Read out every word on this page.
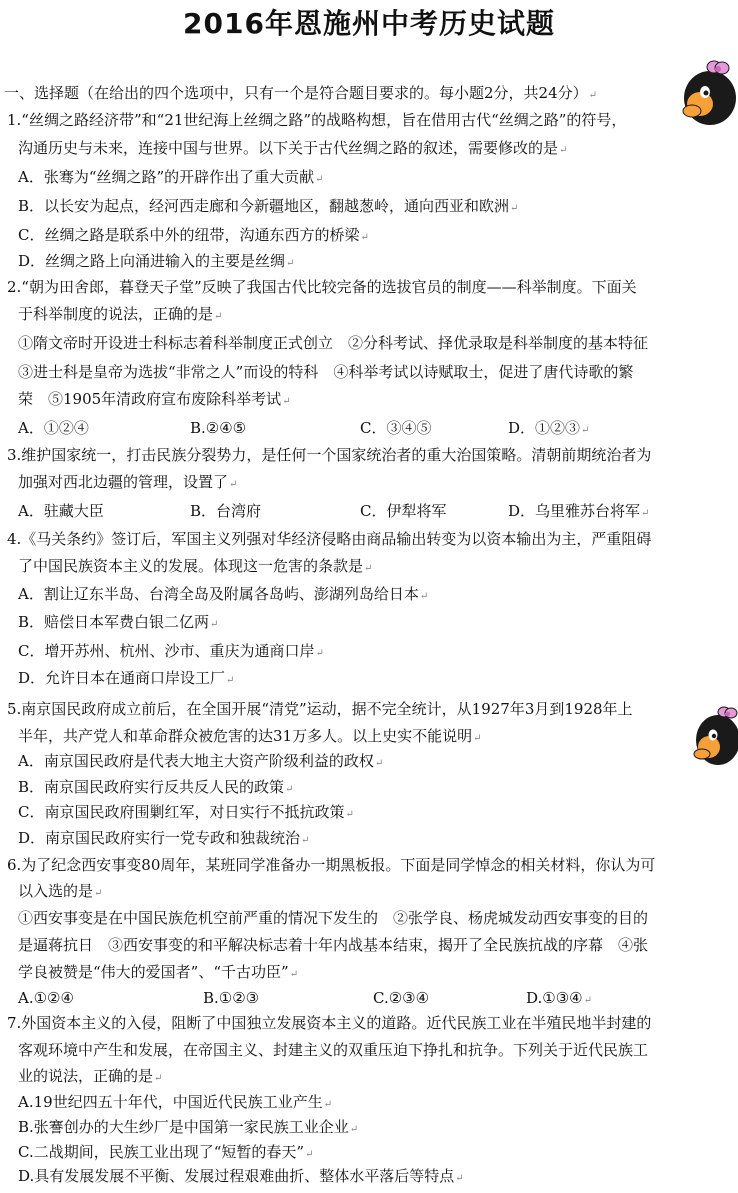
2016年恩施州中考历史试题
一、选择题（在给出的四个选项中，只有一个是符合题目要求的。每小题2分，共24分）↵
1.“丝绸之路经济带”和“21世纪海上丝绸之路”的战略构想，旨在借用古代“丝绸之路”的符号，
沟通历史与未来，连接中国与世界。以下关于古代丝绸之路的叙述，需要修改的是↵
A．张骞为“丝绸之路”的开辟作出了重大贡献↵
B．以长安为起点，经河西走廊和今新疆地区，翻越葱岭，通向西亚和欧洲↵
C．丝绸之路是联系中外的纽带，沟通东西方的桥梁↵
D．丝绸之路上向涌进输入的主要是丝绸↵
2.“朝为田舍郎，暮登天子堂”反映了我国古代比较完备的选拔官员的制度——科举制度。下面关
于科举制度的说法，正确的是↵
①隋文帝时开设进士科标志着科举制度正式创立　②分科考试、择优录取是科举制度的基本特征
③进士科是皇帝为选拔“非常之人”而设的特科　④科举考试以诗赋取士，促进了唐代诗歌的繁
荣　⑤1905年清政府宣布废除科举考试↵
A．①②④	B.②④⑤	C．③④⑤	D．①②③↵
3.维护国家统一，打击民族分裂势力，是任何一个国家统治者的重大治国策略。清朝前期统治者为
加强对西北边疆的管理，设置了↵
A．驻藏大臣	B．台湾府	C．伊犁将军	D．乌里雅苏台将军↵
4.《马关条约》签订后，军国主义列强对华经济侵略由商品输出转变为以资本输出为主，严重阻碍
了中国民族资本主义的发展。体现这一危害的条款是↵
A．割让辽东半岛、台湾全岛及附属各岛屿、澎湖列岛给日本↵
B．赔偿日本军费白银二亿两↵
C．增开苏州、杭州、沙市、重庆为通商口岸↵
D．允许日本在通商口岸设工厂↵
5.南京国民政府成立前后，在全国开展“清党”运动，据不完全统计，从1927年3月到1928年上
半年，共产党人和革命群众被危害的达31万多人。以上史实不能说明↵
A．南京国民政府是代表大地主大资产阶级利益的政权↵
B．南京国民政府实行反共反人民的政策↵
C．南京国民政府围剿红军，对日实行不抵抗政策↵
D．南京国民政府实行一党专政和独裁统治↵
6.为了纪念西安事变80周年，某班同学准备办一期黑板报。下面是同学悼念的相关材料，你认为可
以入选的是↵
①西安事变是在中国民族危机空前严重的情况下发生的　②张学良、杨虎城发动西安事变的目的
是逼蒋抗日　③西安事变的和平解决标志着十年内战基本结束，揭开了全民族抗战的序幕　④张
学良被赞是“伟大的爱国者”、“千古功臣”↵
A.①②④	B.①②③	C.②③④	D.①③④↵
7.外国资本主义的入侵，阻断了中国独立发展资本主义的道路。近代民族工业在半殖民地半封建的
客观环境中产生和发展，在帝国主义、封建主义的双重压迫下挣扎和抗争。下列关于近代民族工
业的说法，正确的是↵
A.19世纪四五十年代，中国近代民族工业产生↵
B.张謇创办的大生纱厂是中国第一家民族工业企业↵
C.二战期间，民族工业出现了“短暂的春天”↵
D.具有发展发展不平衡、发展过程艰难曲折、整体水平落后等特点↵
